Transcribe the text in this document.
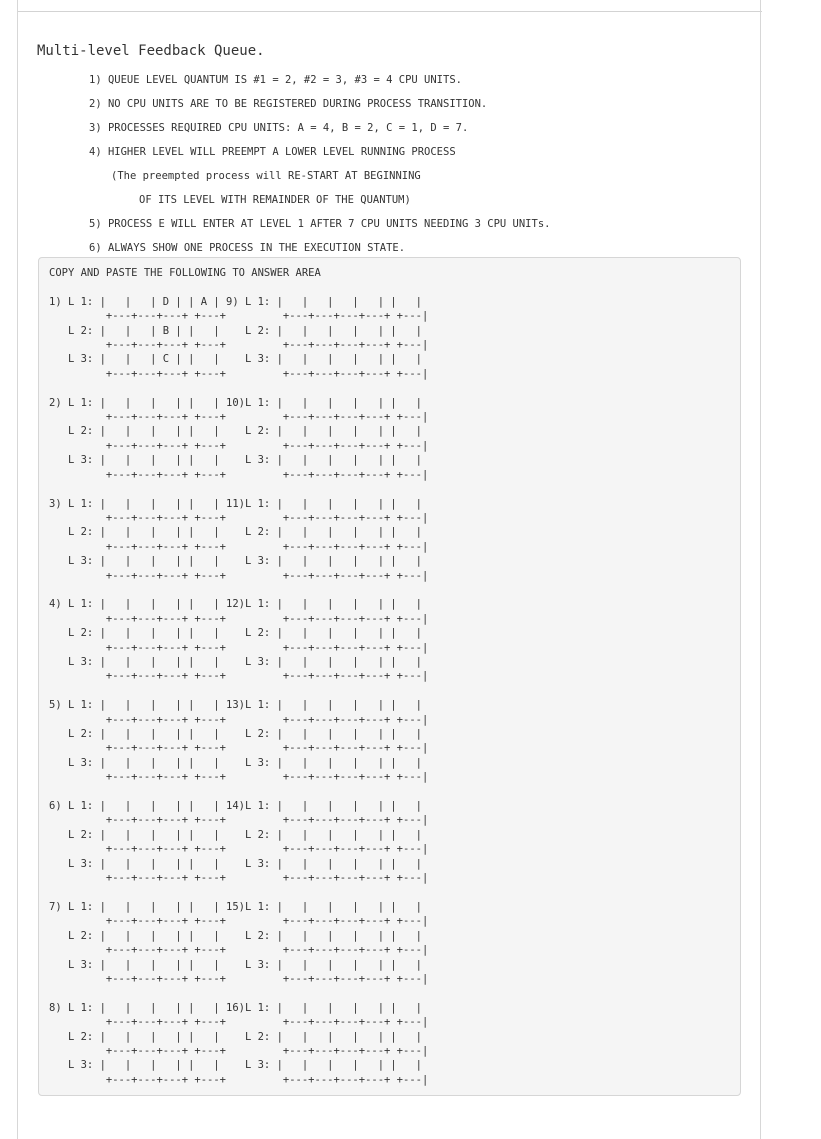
Multi-level Feedback Queue.
1) QUEUE LEVEL QUANTUM IS #1 = 2, #2 = 3, #3 = 4 CPU UNITS.
2) NO CPU UNITS ARE TO BE REGISTERED DURING PROCESS TRANSITION.
3) PROCESSES REQUIRED CPU UNITS: A = 4, B = 2, C = 1, D = 7.
4) HIGHER LEVEL WILL PREEMPT A LOWER LEVEL RUNNING PROCESS
(The preempted process will RE-START AT BEGINNING
OF ITS LEVEL WITH REMAINDER OF THE QUANTUM)
5) PROCESS E WILL ENTER AT LEVEL 1 AFTER 7 CPU UNITS NEEDING 3 CPU UNITs.
6) ALWAYS SHOW ONE PROCESS IN THE EXECUTION STATE.
COPY AND PASTE THE FOLLOWING TO ANSWER AREA

1) L 1: |   |   | D | | A | 9) L 1: |   |   |   |   | |   |
+---+---+---+ +---+         +---+---+---+---+ +---|
L 2: |   |   | B | |   |    L 2: |   |   |   |   | |   |
+---+---+---+ +---+         +---+---+---+---+ +---|
L 3: |   |   | C | |   |    L 3: |   |   |   |   | |   |
+---+---+---+ +---+         +---+---+---+---+ +---|

2) L 1: |   |   |   | |   | 10)L 1: |   |   |   |   | |   |
+---+---+---+ +---+         +---+---+---+---+ +---|
L 2: |   |   |   | |   |    L 2: |   |   |   |   | |   |
+---+---+---+ +---+         +---+---+---+---+ +---|
L 3: |   |   |   | |   |    L 3: |   |   |   |   | |   |
+---+---+---+ +---+         +---+---+---+---+ +---|

3) L 1: |   |   |   | |   | 11)L 1: |   |   |   |   | |   |
+---+---+---+ +---+         +---+---+---+---+ +---|
L 2: |   |   |   | |   |    L 2: |   |   |   |   | |   |
+---+---+---+ +---+         +---+---+---+---+ +---|
L 3: |   |   |   | |   |    L 3: |   |   |   |   | |   |
+---+---+---+ +---+         +---+---+---+---+ +---|

4) L 1: |   |   |   | |   | 12)L 1: |   |   |   |   | |   |
+---+---+---+ +---+         +---+---+---+---+ +---|
L 2: |   |   |   | |   |    L 2: |   |   |   |   | |   |
+---+---+---+ +---+         +---+---+---+---+ +---|
L 3: |   |   |   | |   |    L 3: |   |   |   |   | |   |
+---+---+---+ +---+         +---+---+---+---+ +---|

5) L 1: |   |   |   | |   | 13)L 1: |   |   |   |   | |   |
+---+---+---+ +---+         +---+---+---+---+ +---|
L 2: |   |   |   | |   |    L 2: |   |   |   |   | |   |
+---+---+---+ +---+         +---+---+---+---+ +---|
L 3: |   |   |   | |   |    L 3: |   |   |   |   | |   |
+---+---+---+ +---+         +---+---+---+---+ +---|

6) L 1: |   |   |   | |   | 14)L 1: |   |   |   |   | |   |
+---+---+---+ +---+         +---+---+---+---+ +---|
L 2: |   |   |   | |   |    L 2: |   |   |   |   | |   |
+---+---+---+ +---+         +---+---+---+---+ +---|
L 3: |   |   |   | |   |    L 3: |   |   |   |   | |   |
+---+---+---+ +---+         +---+---+---+---+ +---|

7) L 1: |   |   |   | |   | 15)L 1: |   |   |   |   | |   |
+---+---+---+ +---+         +---+---+---+---+ +---|
L 2: |   |   |   | |   |    L 2: |   |   |   |   | |   |
+---+---+---+ +---+         +---+---+---+---+ +---|
L 3: |   |   |   | |   |    L 3: |   |   |   |   | |   |
+---+---+---+ +---+         +---+---+---+---+ +---|

8) L 1: |   |   |   | |   | 16)L 1: |   |   |   |   | |   |
+---+---+---+ +---+         +---+---+---+---+ +---|
L 2: |   |   |   | |   |    L 2: |   |   |   |   | |   |
+---+---+---+ +---+         +---+---+---+---+ +---|
L 3: |   |   |   | |   |    L 3: |   |   |   |   | |   |
+---+---+---+ +---+         +---+---+---+---+ +---|
